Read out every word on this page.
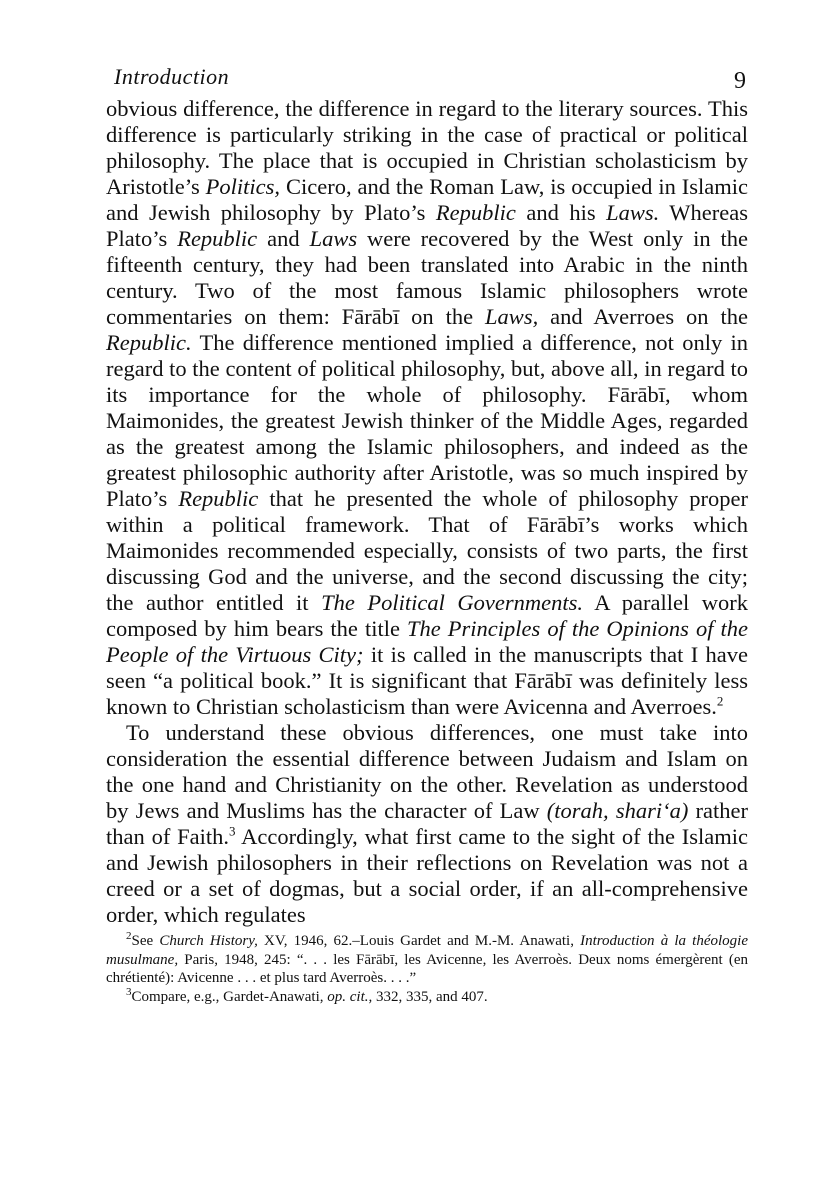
Introduction	9

obvious difference, the difference in regard to the literary sources. This difference is particularly striking in the case of practical or political philosophy. The place that is occupied in Christian scholasticism by Aristotle’s Politics, Cicero, and the Roman Law, is occupied in Islamic and Jewish philosophy by Plato’s Republic and his Laws. Whereas Plato’s Republic and Laws were recovered by the West only in the fifteenth century, they had been translated into Arabic in the ninth century. Two of the most famous Islamic philosophers wrote commentaries on them: Fārābī on the Laws, and Averroes on the Republic. The difference mentioned implied a difference, not only in regard to the content of political philosophy, but, above all, in regard to its importance for the whole of philosophy. Fārābī, whom Maimonides, the greatest Jewish thinker of the Middle Ages, regarded as the greatest among the Islamic philosophers, and indeed as the greatest philosophic authority after Aristotle, was so much inspired by Plato’s Republic that he presented the whole of philosophy proper within a political framework. That of Fārābī’s works which Maimonides recommended especially, consists of two parts, the first discussing God and the universe, and the second discussing the city; the author entitled it The Political Governments. A parallel work composed by him bears the title The Principles of the Opinions of the People of the Virtuous City; it is called in the manuscripts that I have seen “a political book.” It is significant that Fārābī was definitely less known to Christian scholasticism than were Avicenna and Averroes.$^2$

To understand these obvious differences, one must take into consideration the essential difference between Judaism and Islam on the one hand and Christianity on the other. Revelation as understood by Jews and Muslims has the character of Law (torah, shari‘a) rather than of Faith.$^3$ Accordingly, what first came to the sight of the Islamic and Jewish philosophers in their reflections on Revelation was not a creed or a set of dogmas, but a social order, if an all-comprehensive order, which regulates

$^2$See Church History, XV, 1946, 62.–Louis Gardet and M.-M. Anawati, Introduction à la théologie musulmane, Paris, 1948, 245: “. . . les Fārābī, les Avicenne, les Averroès. Deux noms émergèrent (en chrétienté): Avicenne . . . et plus tard Averroès. . . .”

$^3$Compare, e.g., Gardet-Anawati, op. cit., 332, 335, and 407.
